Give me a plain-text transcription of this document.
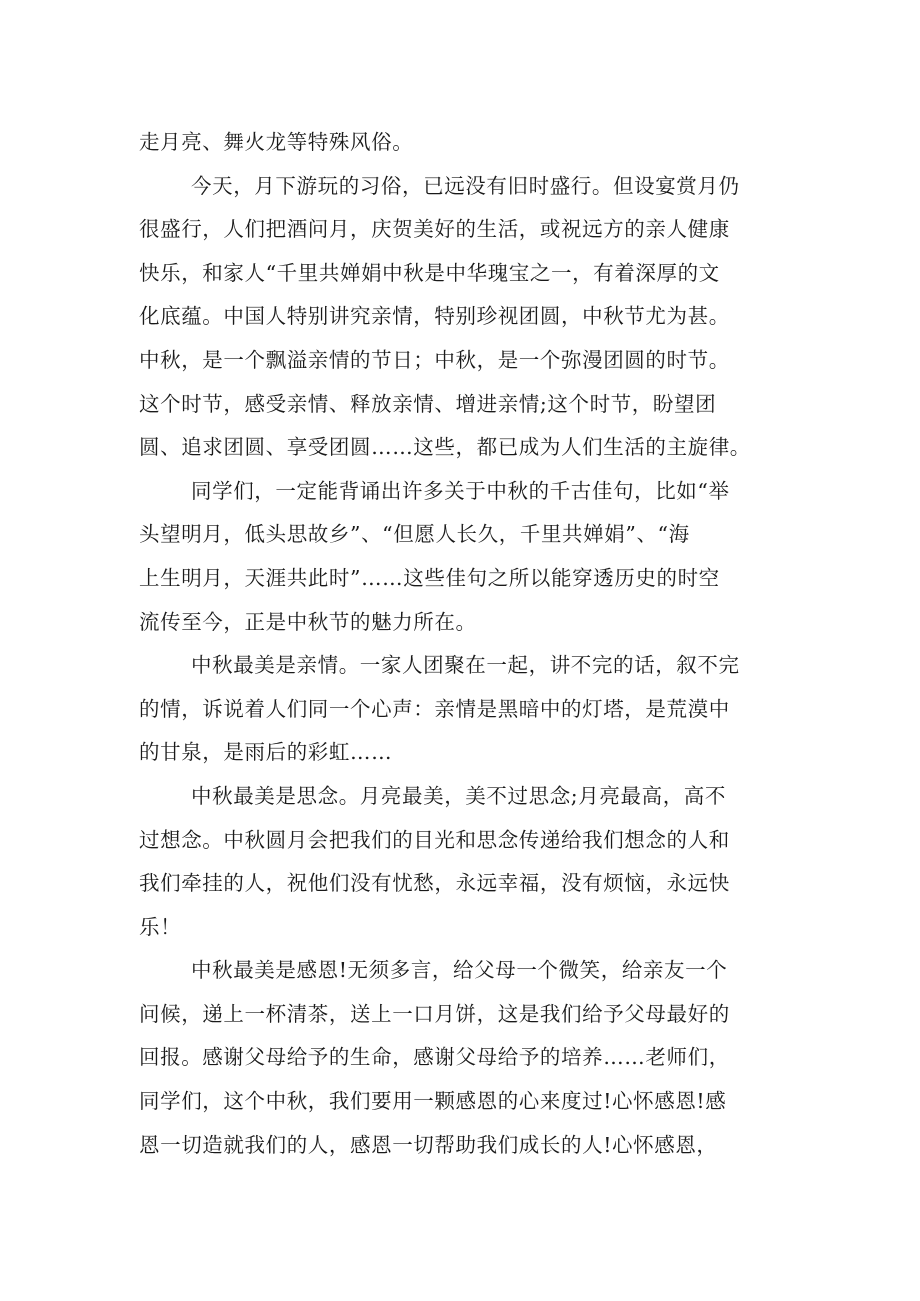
走月亮、舞火龙等特殊风俗。
今天，月下游玩的习俗，已远没有旧时盛行。但设宴赏月仍
很盛行，人们把酒问月，庆贺美好的生活，或祝远方的亲人健康
快乐，和家人“千里共婵娟中秋是中华瑰宝之一，有着深厚的文
化底蕴。中国人特别讲究亲情，特别珍视团圆，中秋节尤为甚。
中秋，是一个飘溢亲情的节日；中秋，是一个弥漫团圆的时节。
这个时节，感受亲情、释放亲情、增进亲情;这个时节，盼望团
圆、追求团圆、享受团圆……这些，都已成为人们生活的主旋律。
同学们，一定能背诵出许多关于中秋的千古佳句，比如“举
头望明月，低头思故乡”、“但愿人长久，千里共婵娟”、“海
上生明月，天涯共此时”……这些佳句之所以能穿透历史的时空
流传至今，正是中秋节的魅力所在。
中秋最美是亲情。一家人团聚在一起，讲不完的话，叙不完
的情，诉说着人们同一个心声：亲情是黑暗中的灯塔，是荒漠中
的甘泉，是雨后的彩虹……
中秋最美是思念。月亮最美，美不过思念;月亮最高，高不
过想念。中秋圆月会把我们的目光和思念传递给我们想念的人和
我们牵挂的人，祝他们没有忧愁，永远幸福，没有烦恼，永远快
乐！
中秋最美是感恩!无须多言，给父母一个微笑，给亲友一个
问候，递上一杯清茶，送上一口月饼，这是我们给予父母最好的
回报。感谢父母给予的生命，感谢父母给予的培养……老师们，
同学们，这个中秋，我们要用一颗感恩的心来度过!心怀感恩!感
恩一切造就我们的人，感恩一切帮助我们成长的人!心怀感恩，
